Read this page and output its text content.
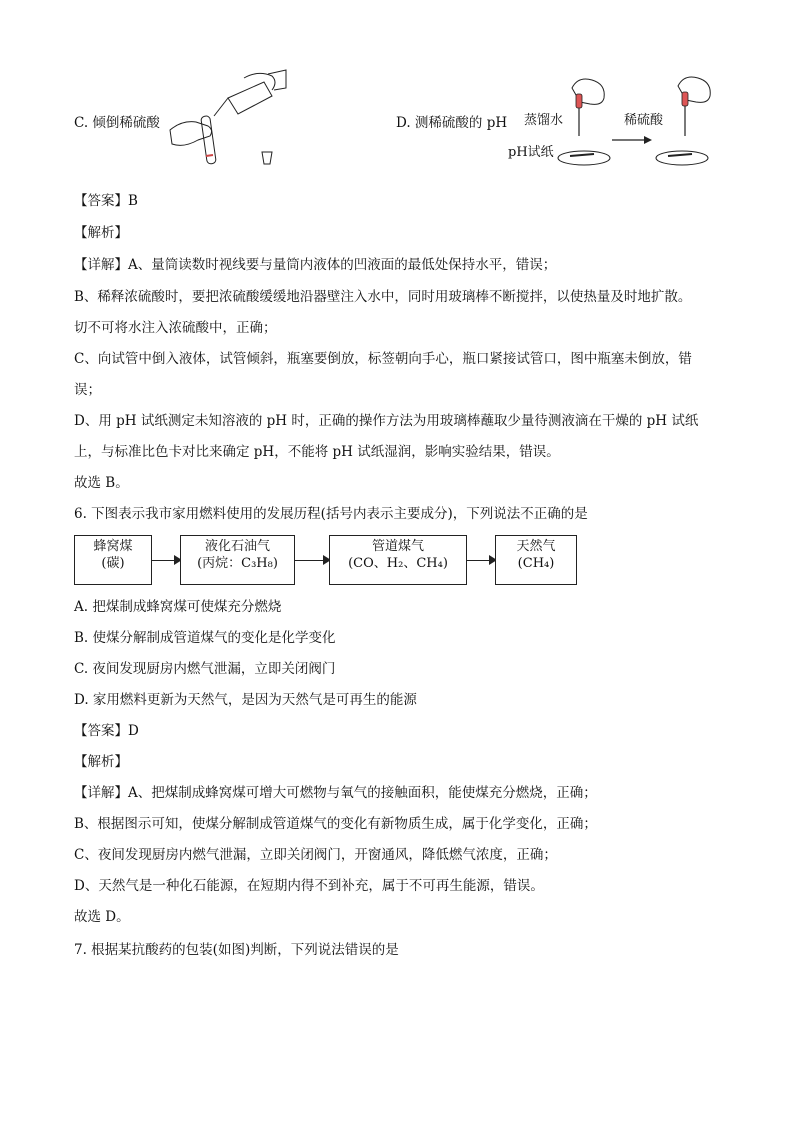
C. 倾倒稀硫酸	D. 测稀硫酸的 pH 蒸馏水	稀硫酸
pH试纸
【答案】B
【解析】
【详解】A、量筒读数时视线要与量筒内液体的凹液面的最低处保持水平，错误；
B、稀释浓硫酸时，要把浓硫酸缓缓地沿器壁注入水中，同时用玻璃棒不断搅拌，以使热量及时地扩散。
切不可将水注入浓硫酸中，正确；
C、向试管中倒入液体，试管倾斜，瓶塞要倒放，标签朝向手心，瓶口紧接试管口，图中瓶塞未倒放，错
误；
D、用 pH 试纸测定未知溶液的 pH 时，正确的操作方法为用玻璃棒蘸取少量待测液滴在干燥的 pH 试纸
上，与标准比色卡对比来确定 pH，不能将 pH 试纸湿润，影响实验结果，错误。
故选 B。
6. 下图表示我市家用燃料使用的发展历程(括号内表示主要成分)，下列说法不正确的是
蜂窝煤
(碳)
液化石油气
(丙烷：C₃H₈)
管道煤气
(CO、H₂、CH₄)
天然气
(CH₄)
A. 把煤制成蜂窝煤可使煤充分燃烧
B. 使煤分解制成管道煤气的变化是化学变化
C. 夜间发现厨房内燃气泄漏，立即关闭阀门
D. 家用燃料更新为天然气，是因为天然气是可再生的能源
【答案】D
【解析】
【详解】A、把煤制成蜂窝煤可增大可燃物与氧气的接触面积，能使煤充分燃烧，正确；
B、根据图示可知，使煤分解制成管道煤气的变化有新物质生成，属于化学变化，正确；
C、夜间发现厨房内燃气泄漏，立即关闭阀门，开窗通风，降低燃气浓度，正确；
D、天然气是一种化石能源，在短期内得不到补充，属于不可再生能源，错误。
故选 D。
7. 根据某抗酸药的包装(如图)判断，下列说法错误的是
